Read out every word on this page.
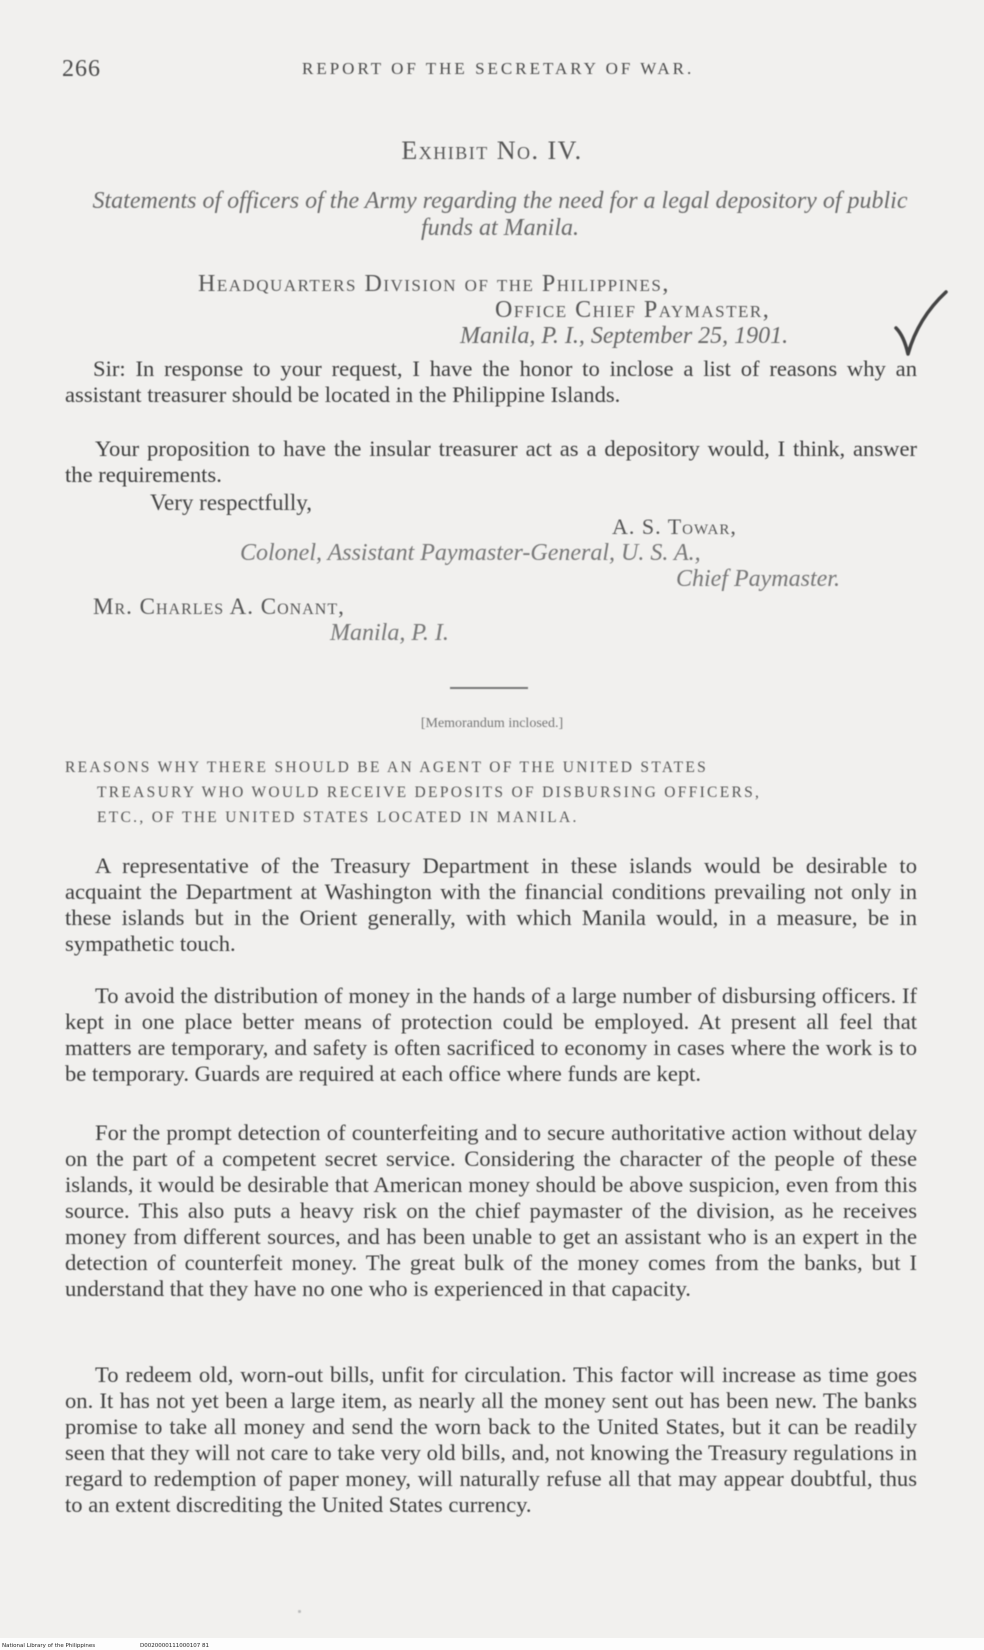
266	REPORT OF THE SECRETARY OF WAR.
Exhibit No. IV.
Statements of officers of the Army regarding the need for a legal depository of public funds at Manila.
Headquarters Division of the Philippines,
Office Chief Paymaster,
Manila, P. I., September 25, 1901.

Sir: In response to your request, I have the honor to inclose a list of reasons why an assistant treasurer should be located in the Philippine Islands.

Your proposition to have the insular treasurer act as a depository would, I think, answer the requirements.

Very respectfully,
A. S. Towar,
Colonel, Assistant Paymaster-General, U. S. A.,
Chief Paymaster.
Mr. Charles A. Conant,
Manila, P. I.
[Memorandum inclosed.]
REASONS WHY THERE SHOULD BE AN AGENT OF THE UNITED STATES
TREASURY WHO WOULD RECEIVE DEPOSITS OF DISBURSING OFFICERS,
ETC., OF THE UNITED STATES LOCATED IN MANILA.

A representative of the Treasury Department in these islands would be desirable to acquaint the Department at Washington with the financial conditions prevailing not only in these islands but in the Orient generally, with which Manila would, in a measure, be in sympathetic touch.

To avoid the distribution of money in the hands of a large number of disbursing officers. If kept in one place better means of protection could be employed. At present all feel that matters are temporary, and safety is often sacrificed to economy in cases where the work is to be temporary. Guards are required at each office where funds are kept.

For the prompt detection of counterfeiting and to secure authoritative action without delay on the part of a competent secret service. Considering the character of the people of these islands, it would be desirable that American money should be above suspicion, even from this source. This also puts a heavy risk on the chief paymaster of the division, as he receives money from different sources, and has been unable to get an assistant who is an expert in the detection of counterfeit money. The great bulk of the money comes from the banks, but I understand that they have no one who is experienced in that capacity.

To redeem old, worn-out bills, unfit for circulation. This factor will increase as time goes on. It has not yet been a large item, as nearly all the money sent out has been new. The banks promise to take all money and send the worn back to the United States, but it can be readily seen that they will not care to take very old bills, and, not knowing the Treasury regulations in regard to redemption of paper money, will naturally refuse all that may appear doubtful, thus to an extent discrediting the United States currency.

National Library of the Philippines	D0020000111000107 81
